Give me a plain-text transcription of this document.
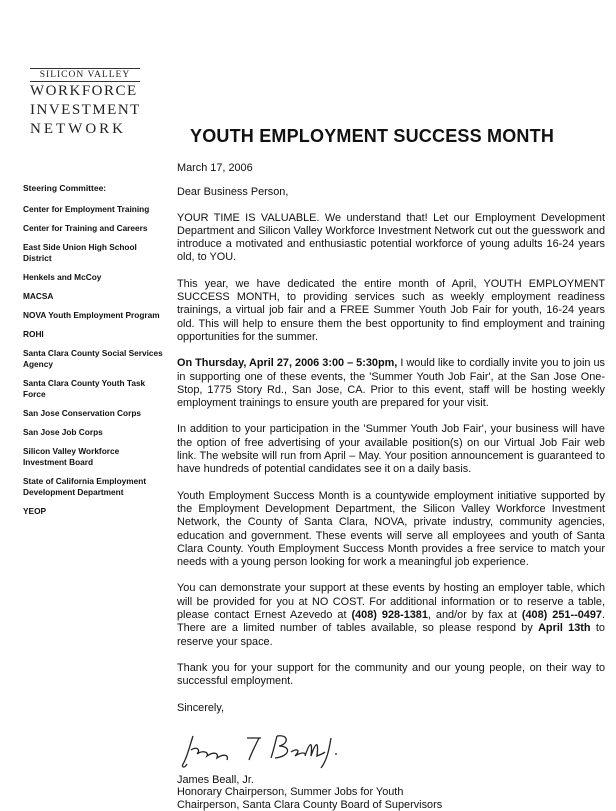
SILICON VALLEY
WORKFORCE
INVESTMENT
NETWORK	YOUTH EMPLOYMENT SUCCESS MONTH
Steering Committee:
Center for Employment Training
Center for Training and Careers
East Side Union High School District
Henkels and McCoy
MACSA
NOVA Youth Employment Program
ROHI
Santa Clara County Social Services Agency
Santa Clara County Youth Task Force
San Jose Conservation Corps
San Jose Job Corps
Silicon Valley Workforce Investment Board
State of California Employment Development Department
YEOP

March 17, 2006

Dear Business Person,

YOUR TIME IS VALUABLE. We understand that! Let our Employment Development Department and Silicon Valley Workforce Investment Network cut out the guesswork and introduce a motivated and enthusiastic potential workforce of young adults 16-24 years old, to YOU.

This year, we have dedicated the entire month of April, YOUTH EMPLOYMENT SUCCESS MONTH, to providing services such as weekly employment readiness trainings, a virtual job fair and a FREE Summer Youth Job Fair for youth, 16-24 years old. This will help to ensure them the best opportunity to find employment and training opportunities for the summer.

On Thursday, April 27, 2006 3:00 – 5:30pm, I would like to cordially invite you to join us in supporting one of these events, the 'Summer Youth Job Fair', at the San Jose One-Stop, 1775 Story Rd., San Jose, CA. Prior to this event, staff will be hosting weekly employment trainings to ensure youth are prepared for your visit.

In addition to your participation in the 'Summer Youth Job Fair', your business will have the option of free advertising of your available position(s) on our Virtual Job Fair web link. The website will run from April – May. Your position announcement is guaranteed to have hundreds of potential candidates see it on a daily basis.

Youth Employment Success Month is a countywide employment initiative supported by the Employment Development Department, the Silicon Valley Workforce Investment Network, the County of Santa Clara, NOVA, private industry, community agencies, education and government. These events will serve all employees and youth of Santa Clara County. Youth Employment Success Month provides a free service to match your needs with a young person looking for work a meaningful job experience.

You can demonstrate your support at these events by hosting an employer table, which will be provided for you at NO COST. For additional information or to reserve a table, please contact Ernest Azevedo at (408) 928-1381, and/or by fax at (408) 251--0497. There are a limited number of tables available, so please respond by April 13th to reserve your space.

Thank you for your support for the community and our young people, on their way to successful employment.

Sincerely,

James Beall, Jr.

Honorary Chairperson, Summer Jobs for Youth

Chairperson, Santa Clara County Board of Supervisors
